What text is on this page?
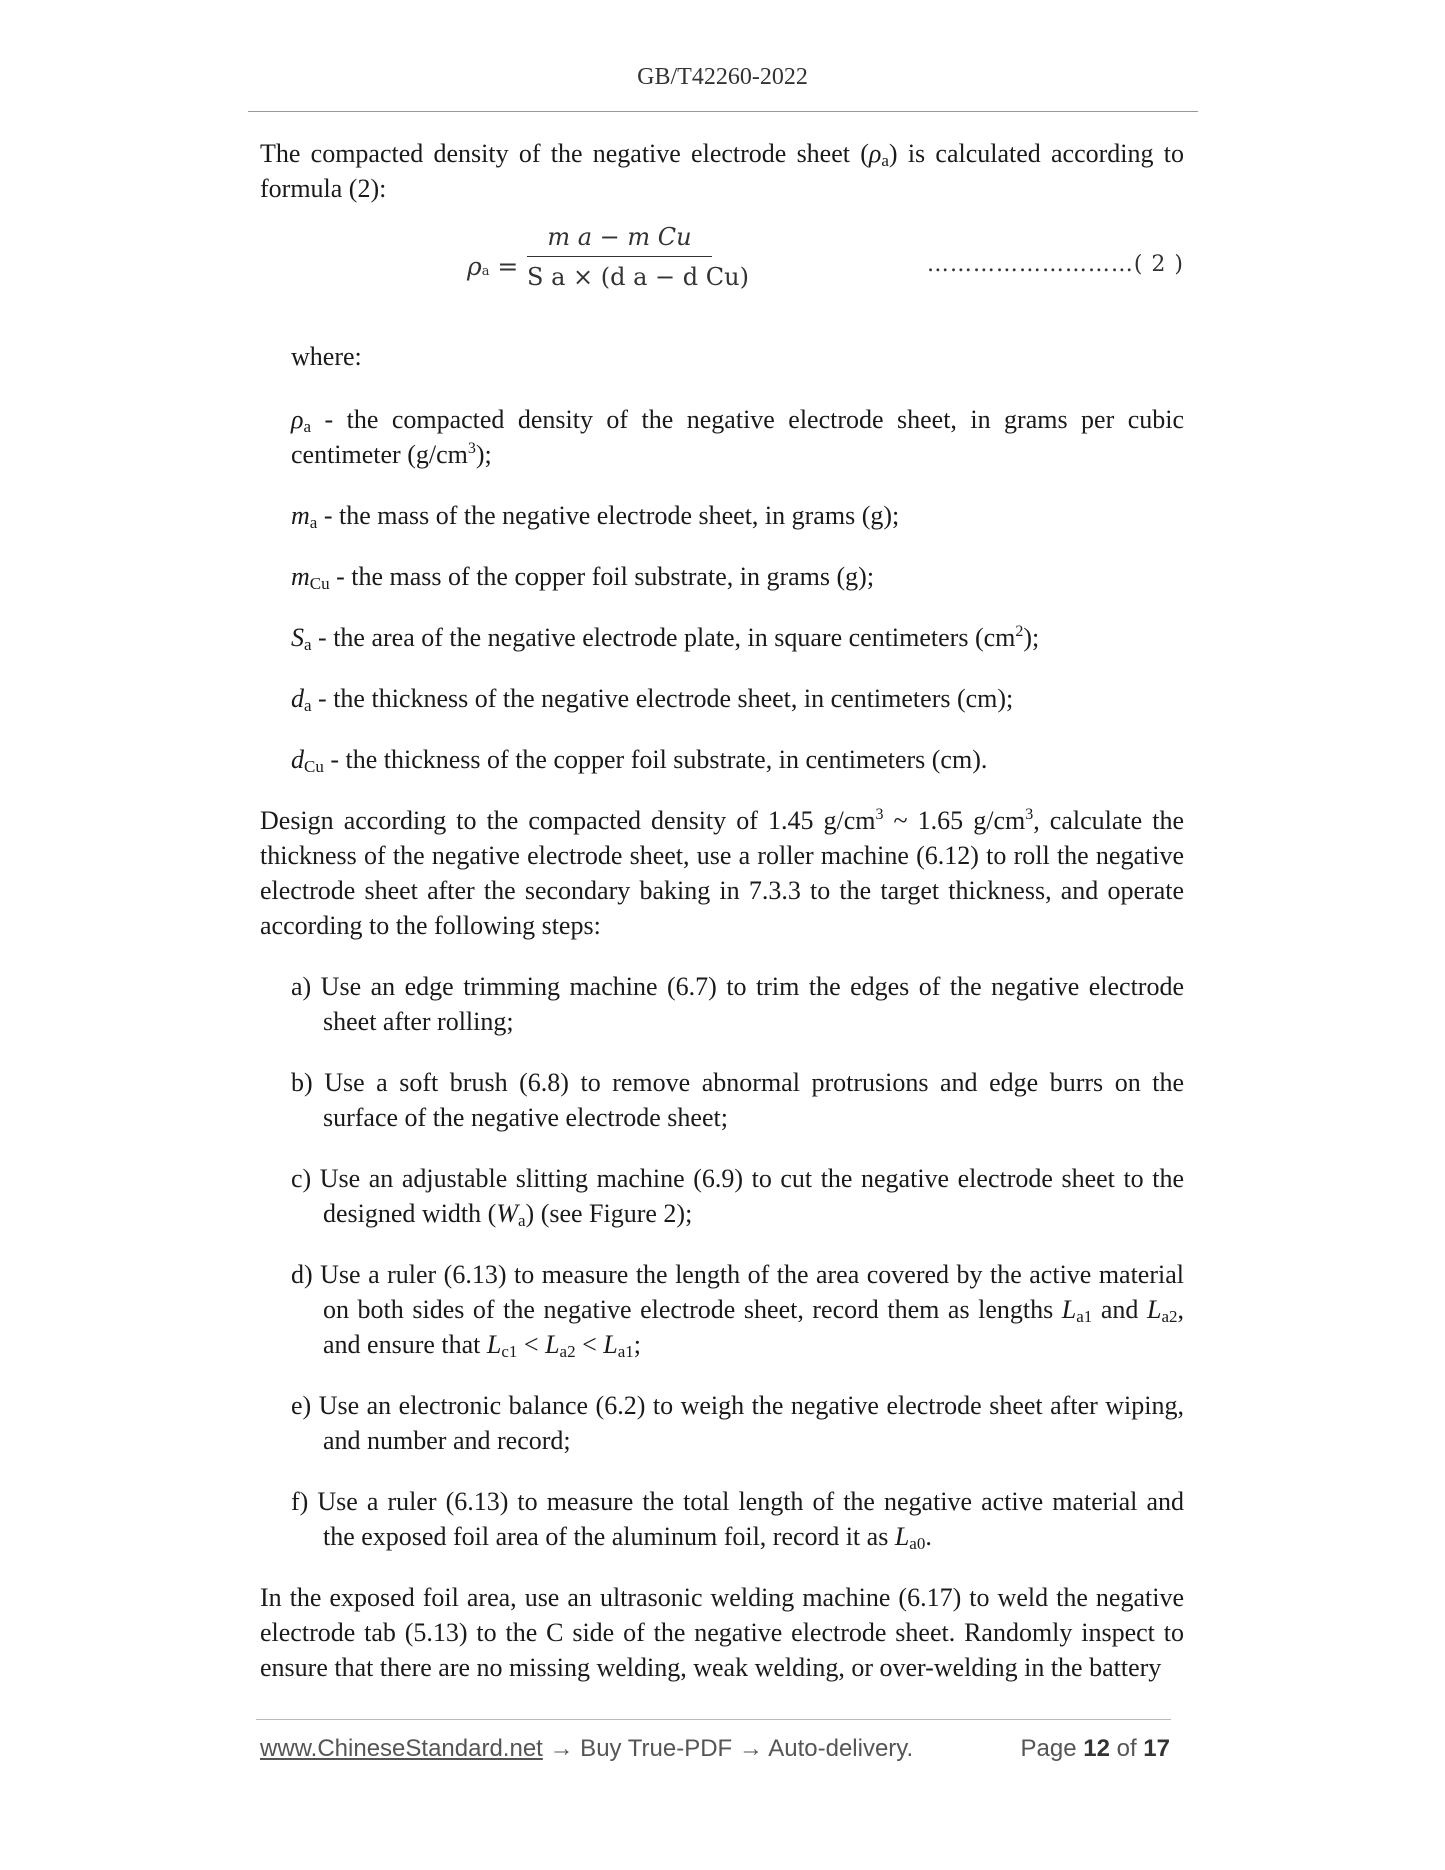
GB/T42260-2022

The compacted density of the negative electrode sheet $(\rho_a)$ is calculated according to formula (2):

ρa =
m a − m Cu
S a × (d a − d Cu)	………………………( 2 )

where:

$\rho_a$ - the compacted density of the negative electrode sheet, in grams per cubic centimeter $(g/cm^3)$;

$m_a$ - the mass of the negative electrode sheet, in grams (g);

$m_{Cu}$ - the mass of the copper foil substrate, in grams (g);

$S_a$ - the area of the negative electrode plate, in square centimeters $(cm^2)$;

$d_a$ - the thickness of the negative electrode sheet, in centimeters (cm);

$d_{Cu}$ - the thickness of the copper foil substrate, in centimeters (cm).

Design according to the compacted density of 1.45 $g/cm^3$ ~ 1.65 $g/cm^3$, calculate the thickness of the negative electrode sheet, use a roller machine (6.12) to roll the negative electrode sheet after the secondary baking in 7.3.3 to the target thickness, and operate according to the following steps:

a) Use an edge trimming machine (6.7) to trim the edges of the negative electrode sheet after rolling;

b) Use a soft brush (6.8) to remove abnormal protrusions and edge burrs on the surface of the negative electrode sheet;

c) Use an adjustable slitting machine (6.9) to cut the negative electrode sheet to the designed width $(W_a)$ (see Figure 2);

d) Use a ruler (6.13) to measure the length of the area covered by the active material on both sides of the negative electrode sheet, record them as lengths $L_{a1}$ and $L_{a2}$, and ensure that $L_{c1} < L_{a2} < L_{a1}$;

e) Use an electronic balance (6.2) to weigh the negative electrode sheet after wiping, and number and record;

f) Use a ruler (6.13) to measure the total length of the negative active material and the exposed foil area of the aluminum foil, record it as $L_{a0}$.

In the exposed foil area, use an ultrasonic welding machine (6.17) to weld the negative electrode tab (5.13) to the C side of the negative electrode sheet. Randomly inspect to ensure that there are no missing welding, weak welding, or over-welding in the battery

www.ChineseStandard.net → Buy True-PDF → Auto-delivery.	Page 12 of 17
